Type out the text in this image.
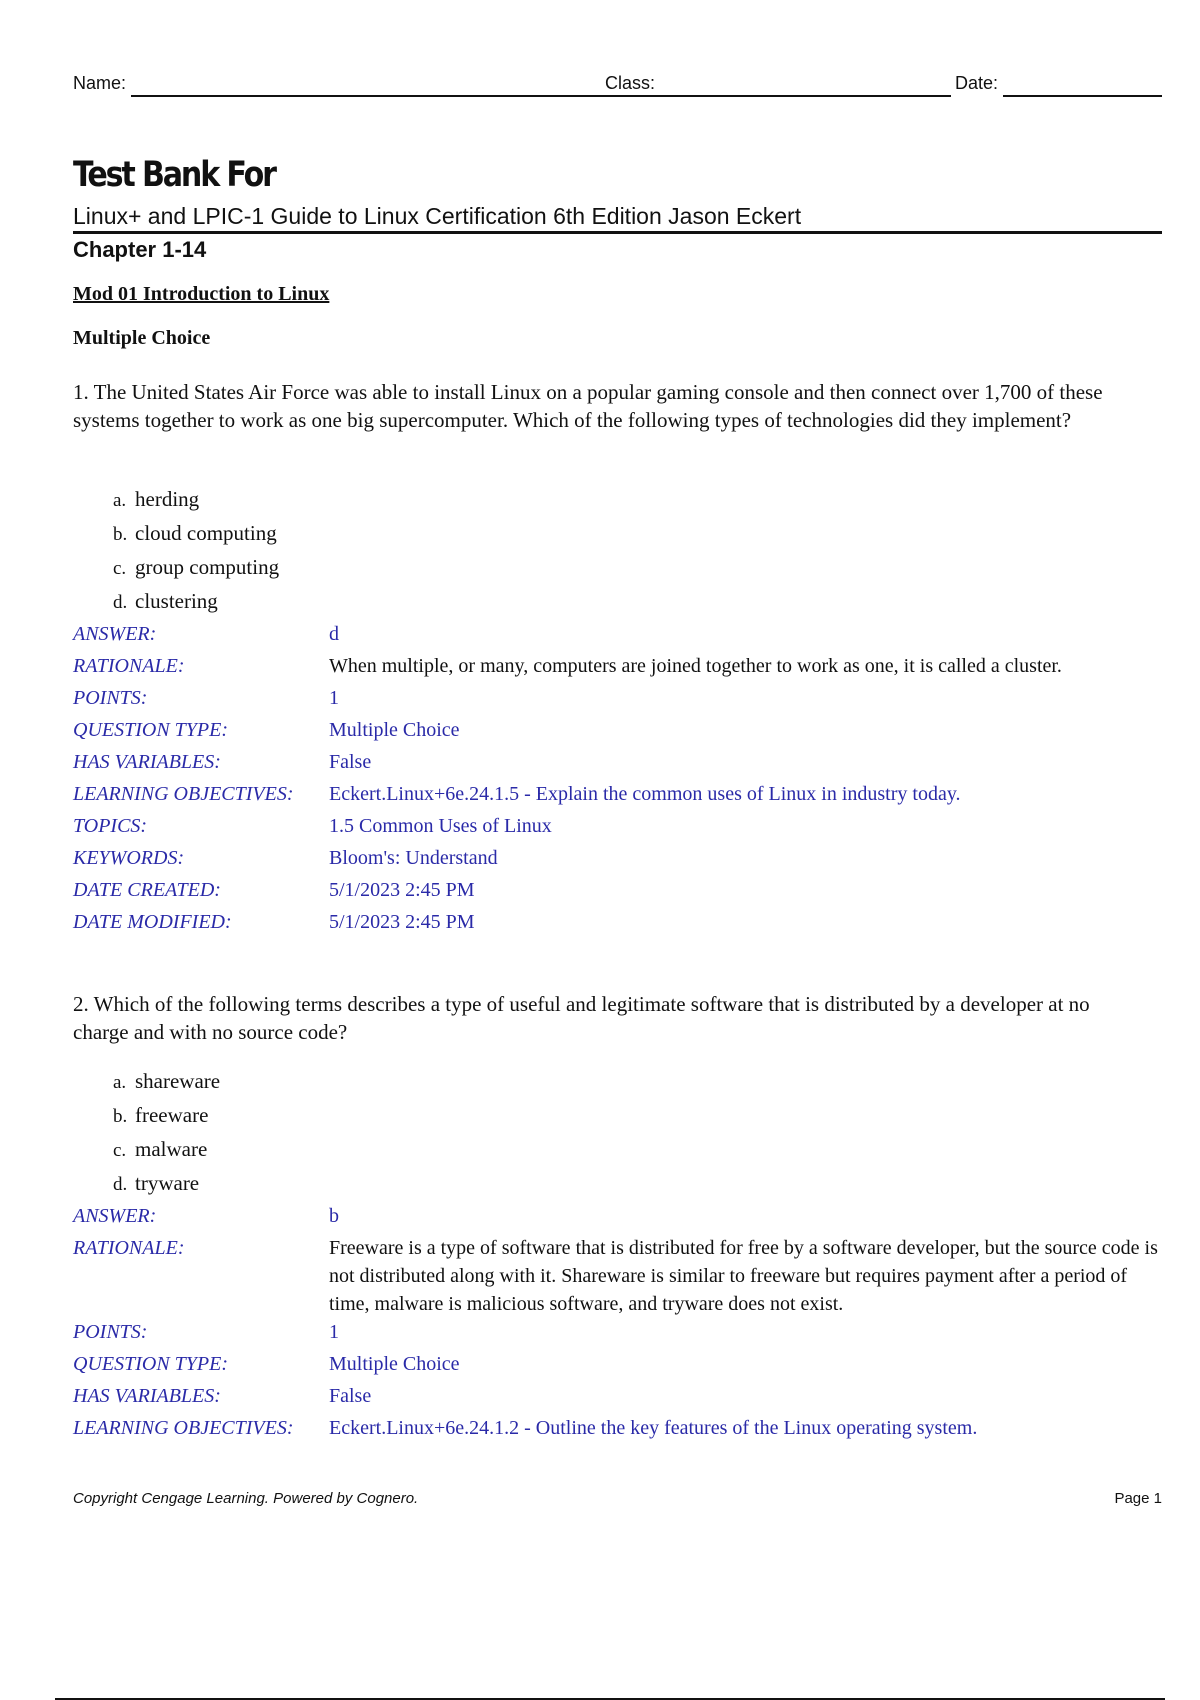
Name:	Class:	Date:
Test Bank For
Linux+ and LPIC-1 Guide to Linux Certification 6th Edition Jason Eckert
Chapter 1-14
Mod 01 Introduction to Linux
Multiple Choice
1. The United States Air Force was able to install Linux on a popular gaming console and then connect over 1,700 of these systems together to work as one big supercomputer. Which of the following types of technologies did they implement?
a. herding
b. cloud computing
c. group computing
d. clustering
ANSWER:	d
RATIONALE:	When multiple, or many, computers are joined together to work as one, it is called a cluster.
POINTS:	1
QUESTION TYPE:	Multiple Choice
HAS VARIABLES:	False
LEARNING OBJECTIVES:	Eckert.Linux+6e.24.1.5 - Explain the common uses of Linux in industry today.
TOPICS:	1.5 Common Uses of Linux
KEYWORDS:	Bloom's: Understand
DATE CREATED:	5/1/2023 2:45 PM
DATE MODIFIED:	5/1/2023 2:45 PM
2. Which of the following terms describes a type of useful and legitimate software that is distributed by a developer at no charge and with no source code?
a. shareware
b. freeware
c. malware
d. tryware
ANSWER:	b
RATIONALE:	Freeware is a type of software that is distributed for free by a software developer, but the source code is not distributed along with it. Shareware is similar to freeware but requires payment after a period of time, malware is malicious software, and tryware does not exist.
POINTS:	1
QUESTION TYPE:	Multiple Choice
HAS VARIABLES:	False
LEARNING OBJECTIVES:	Eckert.Linux+6e.24.1.2 - Outline the key features of the Linux operating system.
Copyright Cengage Learning. Powered by Cognero.	Page 1
